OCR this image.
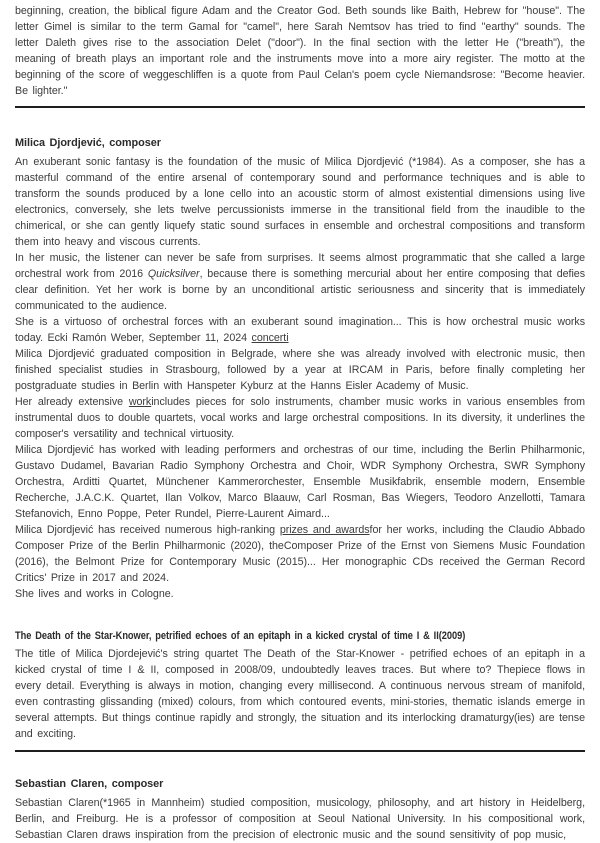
beginning, creation, the biblical figure Adam and the Creator God. Beth sounds like Baith, Hebrew for "house". The letter Gimel is similar to the term Gamal for "camel", here Sarah Nemtsov has tried to find "earthy" sounds. The letter Daleth gives rise to the association Delet ("door"). In the final section with the letter He ("breath"), the meaning of breath plays an important role and the instruments move into a more airy register. The motto at the beginning of the score of weggeschliffen is a quote from Paul Celan's poem cycle Niemandsrose: "Become heavier. Be lighter."

Milica Djordjević, composer

An exuberant sonic fantasy is the foundation of the music of Milica Djordjević (*1984). As a composer, she has a masterful command of the entire arsenal of contemporary sound and performance techniques and is able to transform the sounds produced by a lone cello into an acoustic storm of almost existential dimensions using live electronics, conversely, she lets twelve percussionists immerse in the transitional field from the inaudible to the chimerical, or she can gently liquefy static sound surfaces in ensemble and orchestral compositions and transform them into heavy and viscous currents.

In her music, the listener can never be safe from surprises. It seems almost programmatic that she called a large orchestral work from 2016 Quicksilver, because there is something mercurial about her entire composing that defies clear definition. Yet her work is borne by an unconditional artistic seriousness and sincerity that is immediately communicated to the audience.

She is a virtuoso of orchestral forces with an exuberant sound imagination... This is how orchestral music works today. Ecki Ramón Weber, September 11, 2024 concerti

Milica Djordjević graduated composition in Belgrade, where she was already involved with electronic music, then finished specialist studies in Strasbourg, followed by a year at IRCAM in Paris, before finally completing her postgraduate studies in Berlin with Hanspeter Kyburz at the Hanns Eisler Academy of Music.

Her already extensive workincludes pieces for solo instruments, chamber music works in various ensembles from instrumental duos to double quartets, vocal works and large orchestral compositions. In its diversity, it underlines the composer's versatility and technical virtuosity.

Milica Djordjević has worked with leading performers and orchestras of our time, including the Berlin Philharmonic, Gustavo Dudamel, Bavarian Radio Symphony Orchestra and Choir, WDR Symphony Orchestra, SWR Symphony Orchestra, Arditti Quartet, Münchener Kammerorchester, Ensemble Musikfabrik, ensemble modern, Ensemble Recherche, J.A.C.K. Quartet, Ilan Volkov, Marco Blaauw, Carl Rosman, Bas Wiegers, Teodoro Anzellotti, Tamara Stefanovich, Enno Poppe, Peter Rundel, Pierre-Laurent Aimard...

Milica Djordjević has received numerous high-ranking prizes and awardsfor her works, including the Claudio Abbado Composer Prize of the Berlin Philharmonic (2020), theComposer Prize of the Ernst von Siemens Music Foundation (2016), the Belmont Prize for Contemporary Music (2015)... Her monographic CDs received the German Record Critics' Prize in 2017 and 2024.

She lives and works in Cologne.

The Death of the Star-Knower, petrified echoes of an epitaph in a kicked crystal of time I & II(2009)

The title of Milica Djordejević's string quartet The Death of the Star-Knower - petrified echoes of an epitaph in a kicked crystal of time I & II, composed in 2008/09, undoubtedly leaves traces. But where to? Thepiece flows in every detail. Everything is always in motion, changing every millisecond. A continuous nervous stream of manifold, even contrasting glissanding (mixed) colours, from which contoured events, mini-stories, thematic islands emerge in several attempts. But things continue rapidly and strongly, the situation and its interlocking dramaturgy(ies) are tense and exciting.

Sebastian Claren, composer

Sebastian Claren(*1965 in Mannheim) studied composition, musicology, philosophy, and art history in Heidelberg, Berlin, and Freiburg. He is a professor of composition at Seoul National University. In his compositional work, Sebastian Claren draws inspiration from the precision of electronic music and the sound sensitivity of pop music,
